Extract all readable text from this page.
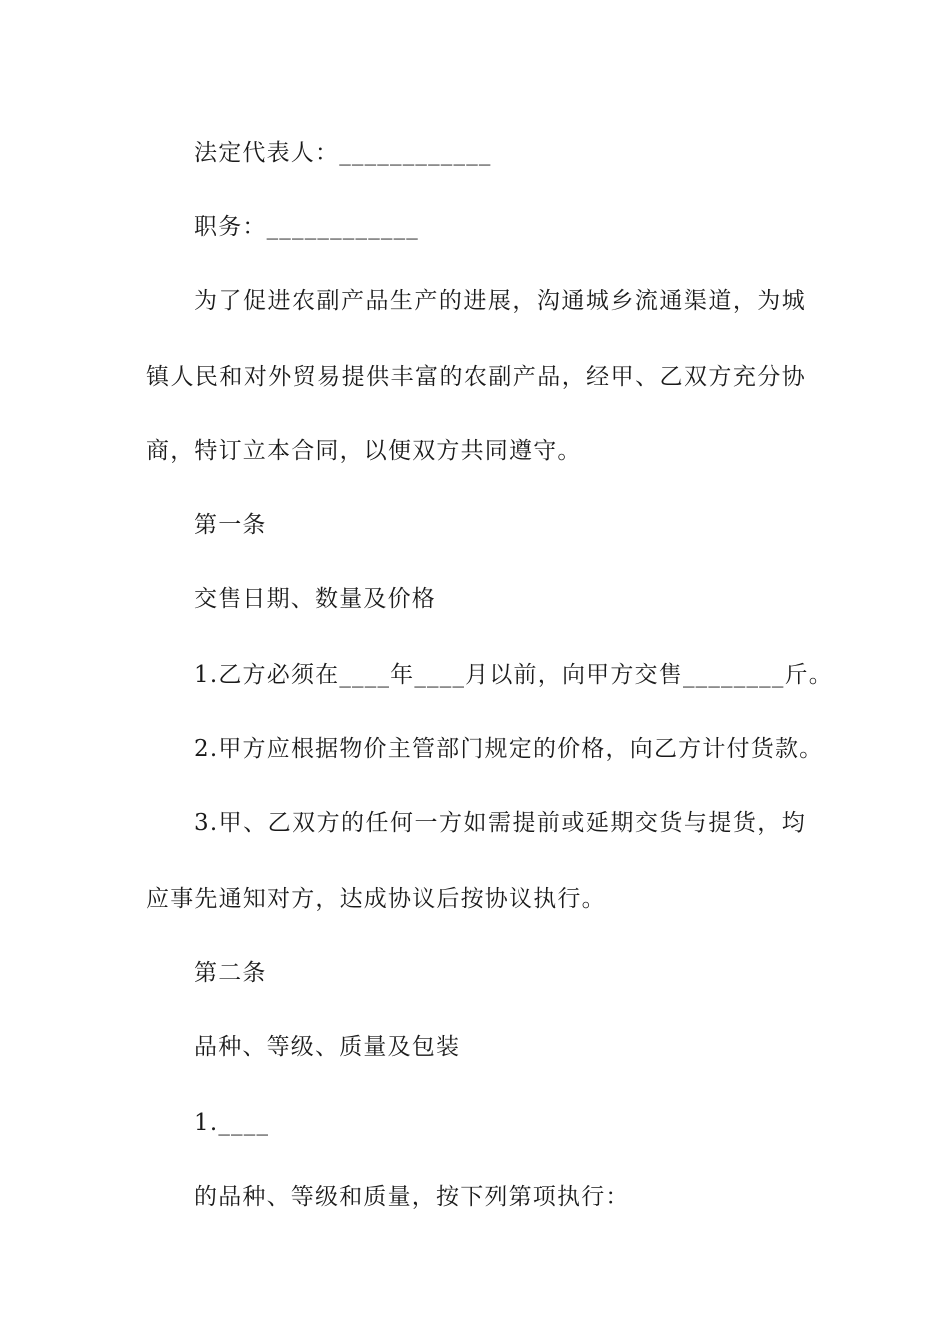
法定代表人：____________
职务：____________
为了促进农副产品生产的进展，沟通城乡流通渠道，为城
镇人民和对外贸易提供丰富的农副产品，经甲、乙双方充分协
商，特订立本合同，以便双方共同遵守。
第一条
交售日期、数量及价格
1.乙方必须在____年____月以前，向甲方交售________斤。
2.甲方应根据物价主管部门规定的价格，向乙方计付货款。
3.甲、乙双方的任何一方如需提前或延期交货与提货，均
应事先通知对方，达成协议后按协议执行。
第二条
品种、等级、质量及包装
1.____
的品种、等级和质量，按下列第项执行：
